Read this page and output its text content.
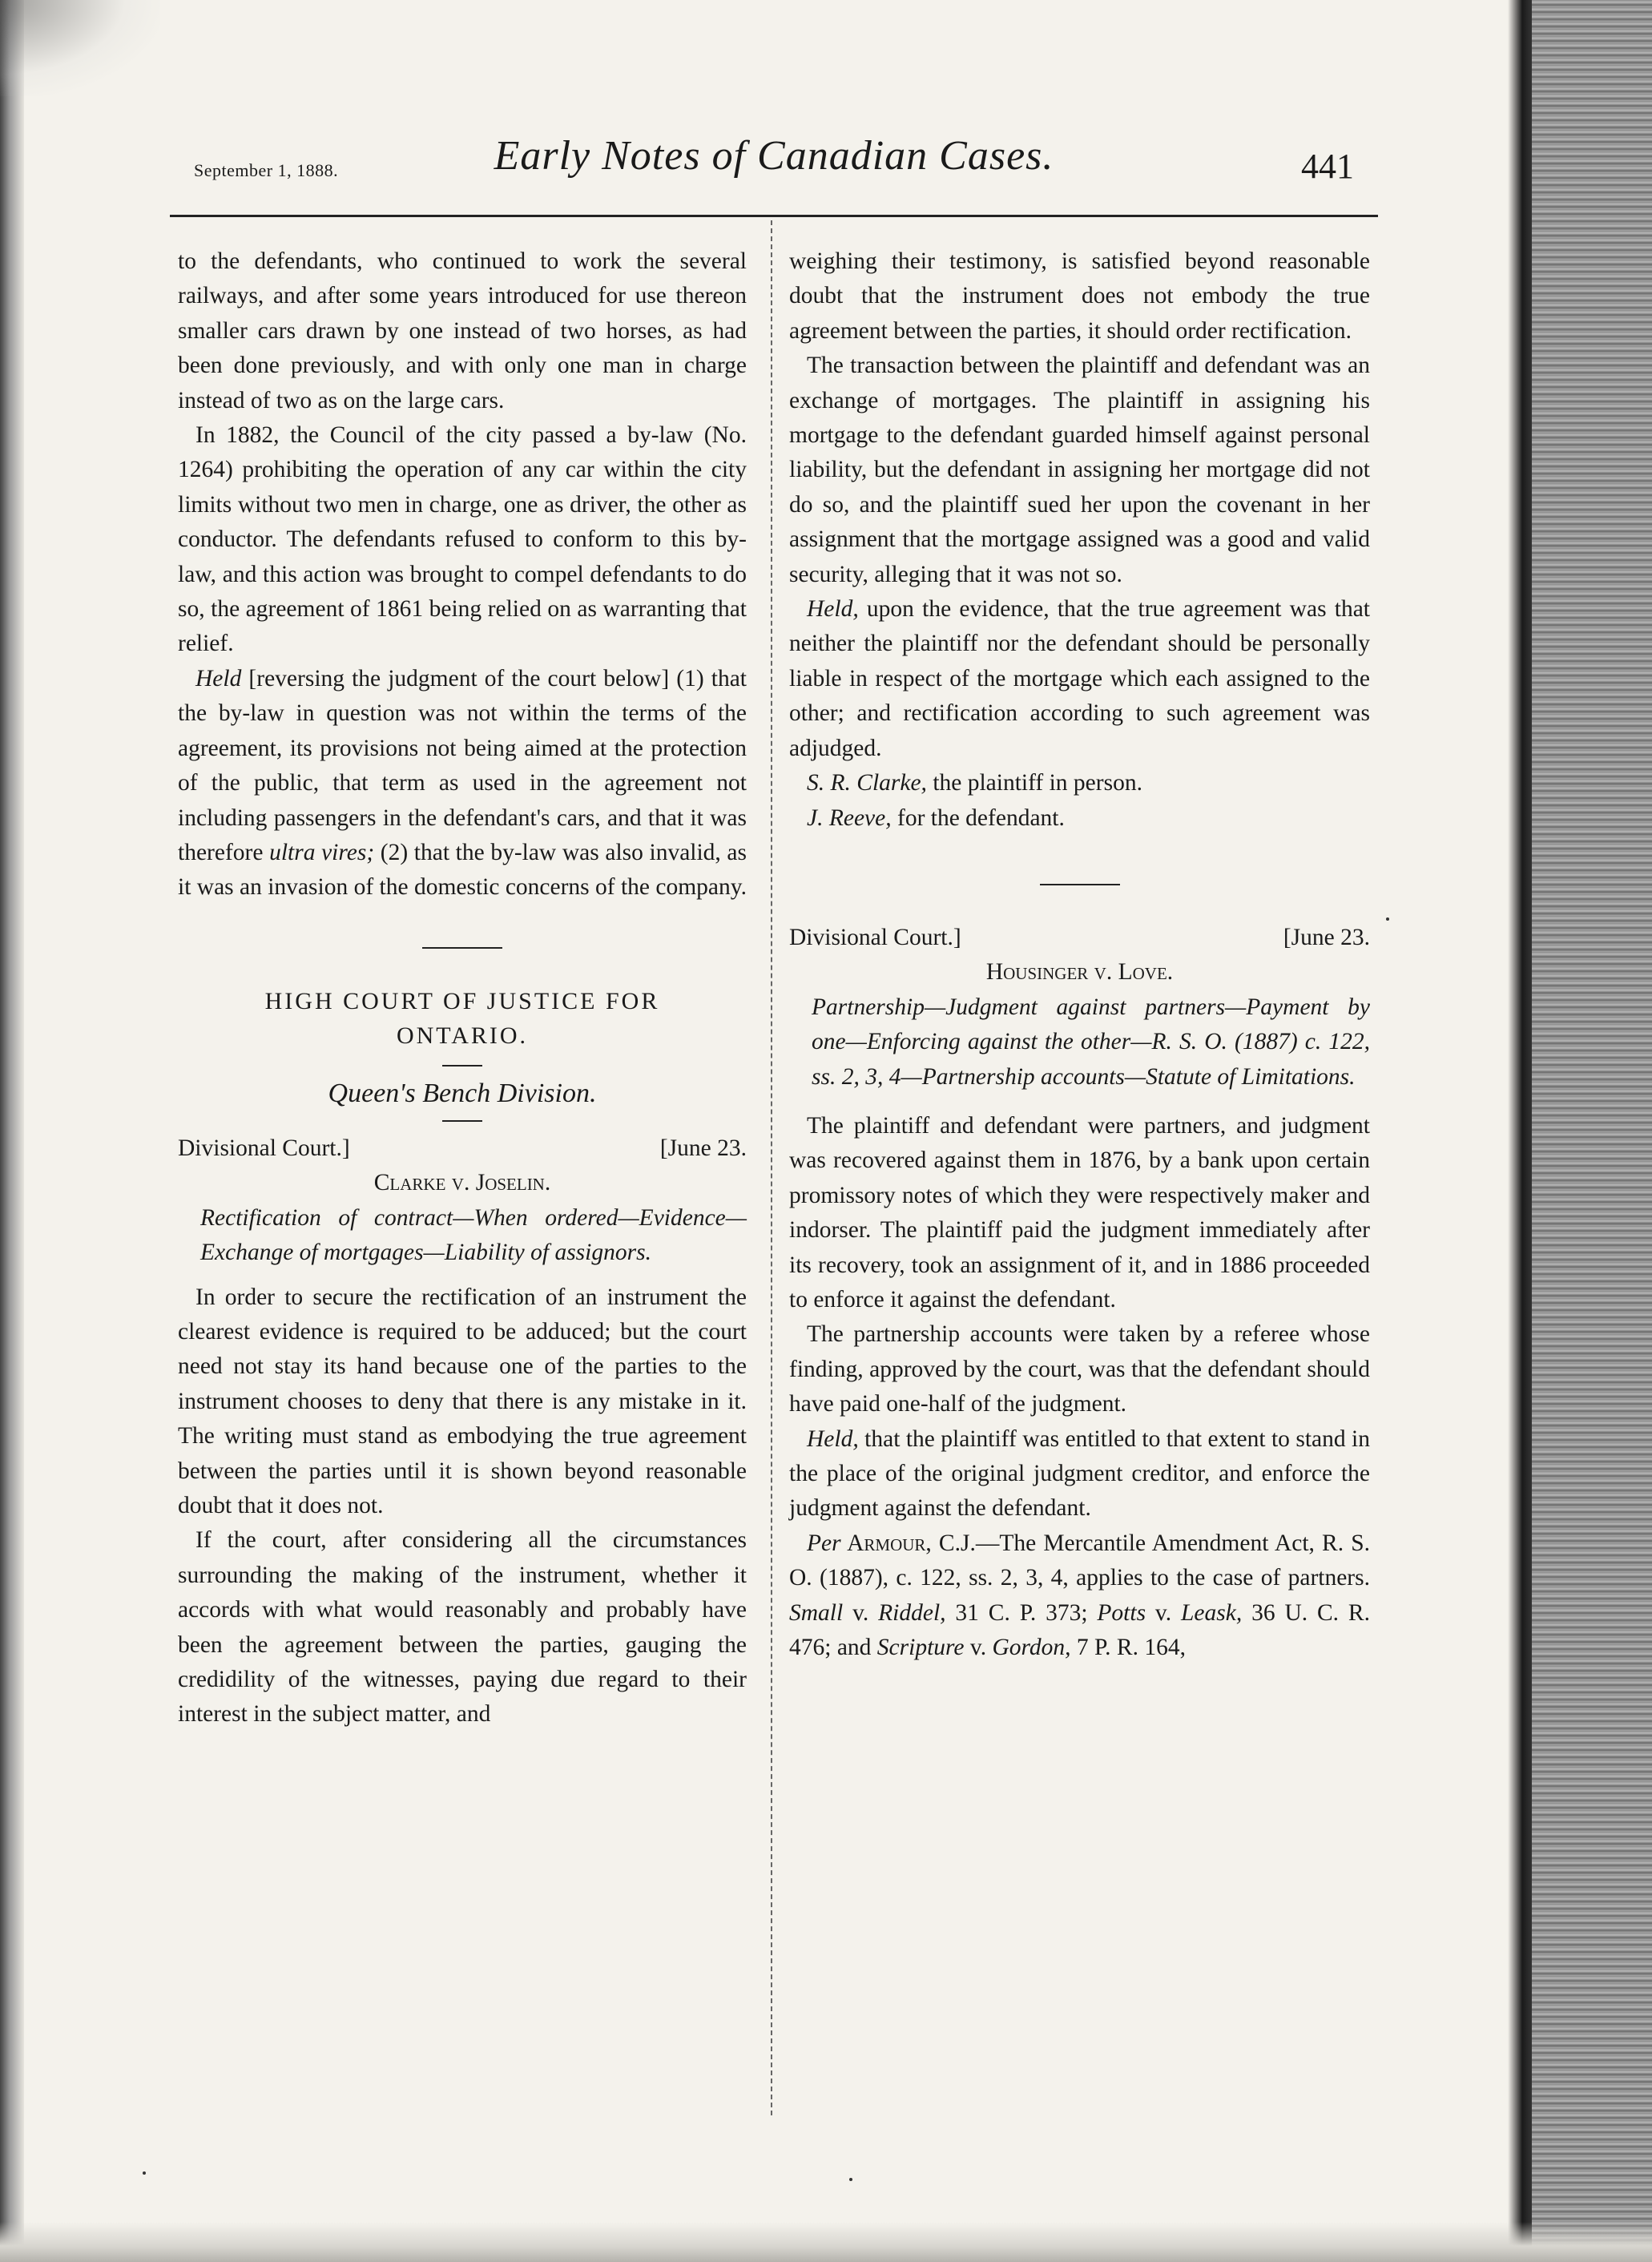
September 1, 1888.	Early Notes of Canadian Cases.	441

to the defendants, who continued to work the several railways, and after some years introduced for use thereon smaller cars drawn by one instead of two horses, as had been done previously, and with only one man in charge instead of two as on the large cars.

In 1882, the Council of the city passed a by-law (No. 1264) prohibiting the operation of any car within the city limits without two men in charge, one as driver, the other as conductor. The defendants refused to conform to this by-law, and this action was brought to compel defendants to do so, the agreement of 1861 being relied on as warranting that relief.

Held [reversing the judgment of the court below] (1) that the by-law in question was not within the terms of the agreement, its provisions not being aimed at the protection of the public, that term as used in the agreement not including passengers in the defendant's cars, and that it was therefore ultra vires; (2) that the by-law was also invalid, as it was an invasion of the domestic concerns of the company.

HIGH COURT OF JUSTICE FOR

ONTARIO.

Queen's Bench Division.

Divisional Court.]	[June 23.

Clarke v. Joselin.

Rectification of contract—When ordered—Evidence—Exchange of mortgages—Liability of assignors.

In order to secure the rectification of an instrument the clearest evidence is required to be adduced; but the court need not stay its hand because one of the parties to the instrument chooses to deny that there is any mistake in it. The writing must stand as embodying the true agreement between the parties until it is shown beyond reasonable doubt that it does not.

If the court, after considering all the circumstances surrounding the making of the instrument, whether it accords with what would reasonably and probably have been the agreement between the parties, gauging the credidility of the witnesses, paying due regard to their interest in the subject matter, and

weighing their testimony, is satisfied beyond reasonable doubt that the instrument does not embody the true agreement between the parties, it should order rectification.

The transaction between the plaintiff and defendant was an exchange of mortgages. The plaintiff in assigning his mortgage to the defendant guarded himself against personal liability, but the defendant in assigning her mortgage did not do so, and the plaintiff sued her upon the covenant in her assignment that the mortgage assigned was a good and valid security, alleging that it was not so.

Held, upon the evidence, that the true agreement was that neither the plaintiff nor the defendant should be personally liable in respect of the mortgage which each assigned to the other; and rectification according to such agreement was adjudged.

S. R. Clarke, the plaintiff in person.

J. Reeve, for the defendant.

Divisional Court.]	[June 23.

Housinger v. Love.

Partnership—Judgment against partners—Payment by one—Enforcing against the other—R. S. O. (1887) c. 122, ss. 2, 3, 4—Partnership accounts—Statute of Limitations.

The plaintiff and defendant were partners, and judgment was recovered against them in 1876, by a bank upon certain promissory notes of which they were respectively maker and indorser. The plaintiff paid the judgment immediately after its recovery, took an assignment of it, and in 1886 proceeded to enforce it against the defendant.

The partnership accounts were taken by a referee whose finding, approved by the court, was that the defendant should have paid one-half of the judgment.

Held, that the plaintiff was entitled to that extent to stand in the place of the original judgment creditor, and enforce the judgment against the defendant.

Per Armour, C.J.—The Mercantile Amendment Act, R. S. O. (1887), c. 122, ss. 2, 3, 4, applies to the case of partners. Small v. Riddel, 31 C. P. 373; Potts v. Leask, 36 U. C. R. 476; and Scripture v. Gordon, 7 P. R. 164,
